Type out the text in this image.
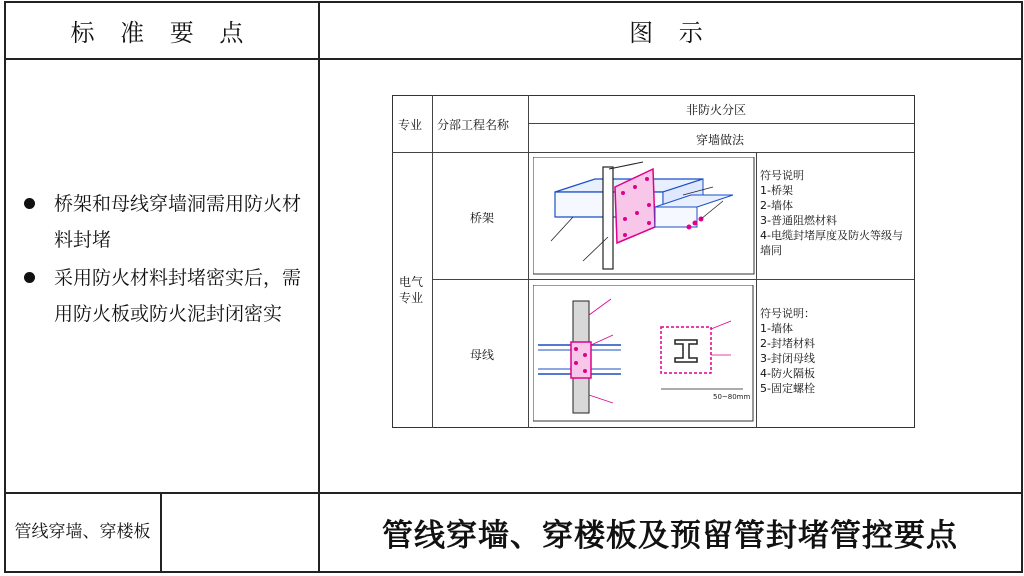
标 准 要 点	图 示
桥架和母线穿墙洞需用防火材料封堵
采用防火材料封堵密实后，需用防火板或防火泥封闭密实
管线穿墙、穿楼板	管线穿墙、穿楼板及预留管封堵管控要点
专业 分部工程名称
非防火分区
穿墙做法
电气专业
桥架
母线
符号说明
1-桥架
2-墙体
3-普通阻燃材料
4-电缆封堵厚度及防火等级与墙同
符号说明：
1-墙体
2-封堵材料
3-封闭母线
4-防火隔板
5-固定螺栓
50~80mm
